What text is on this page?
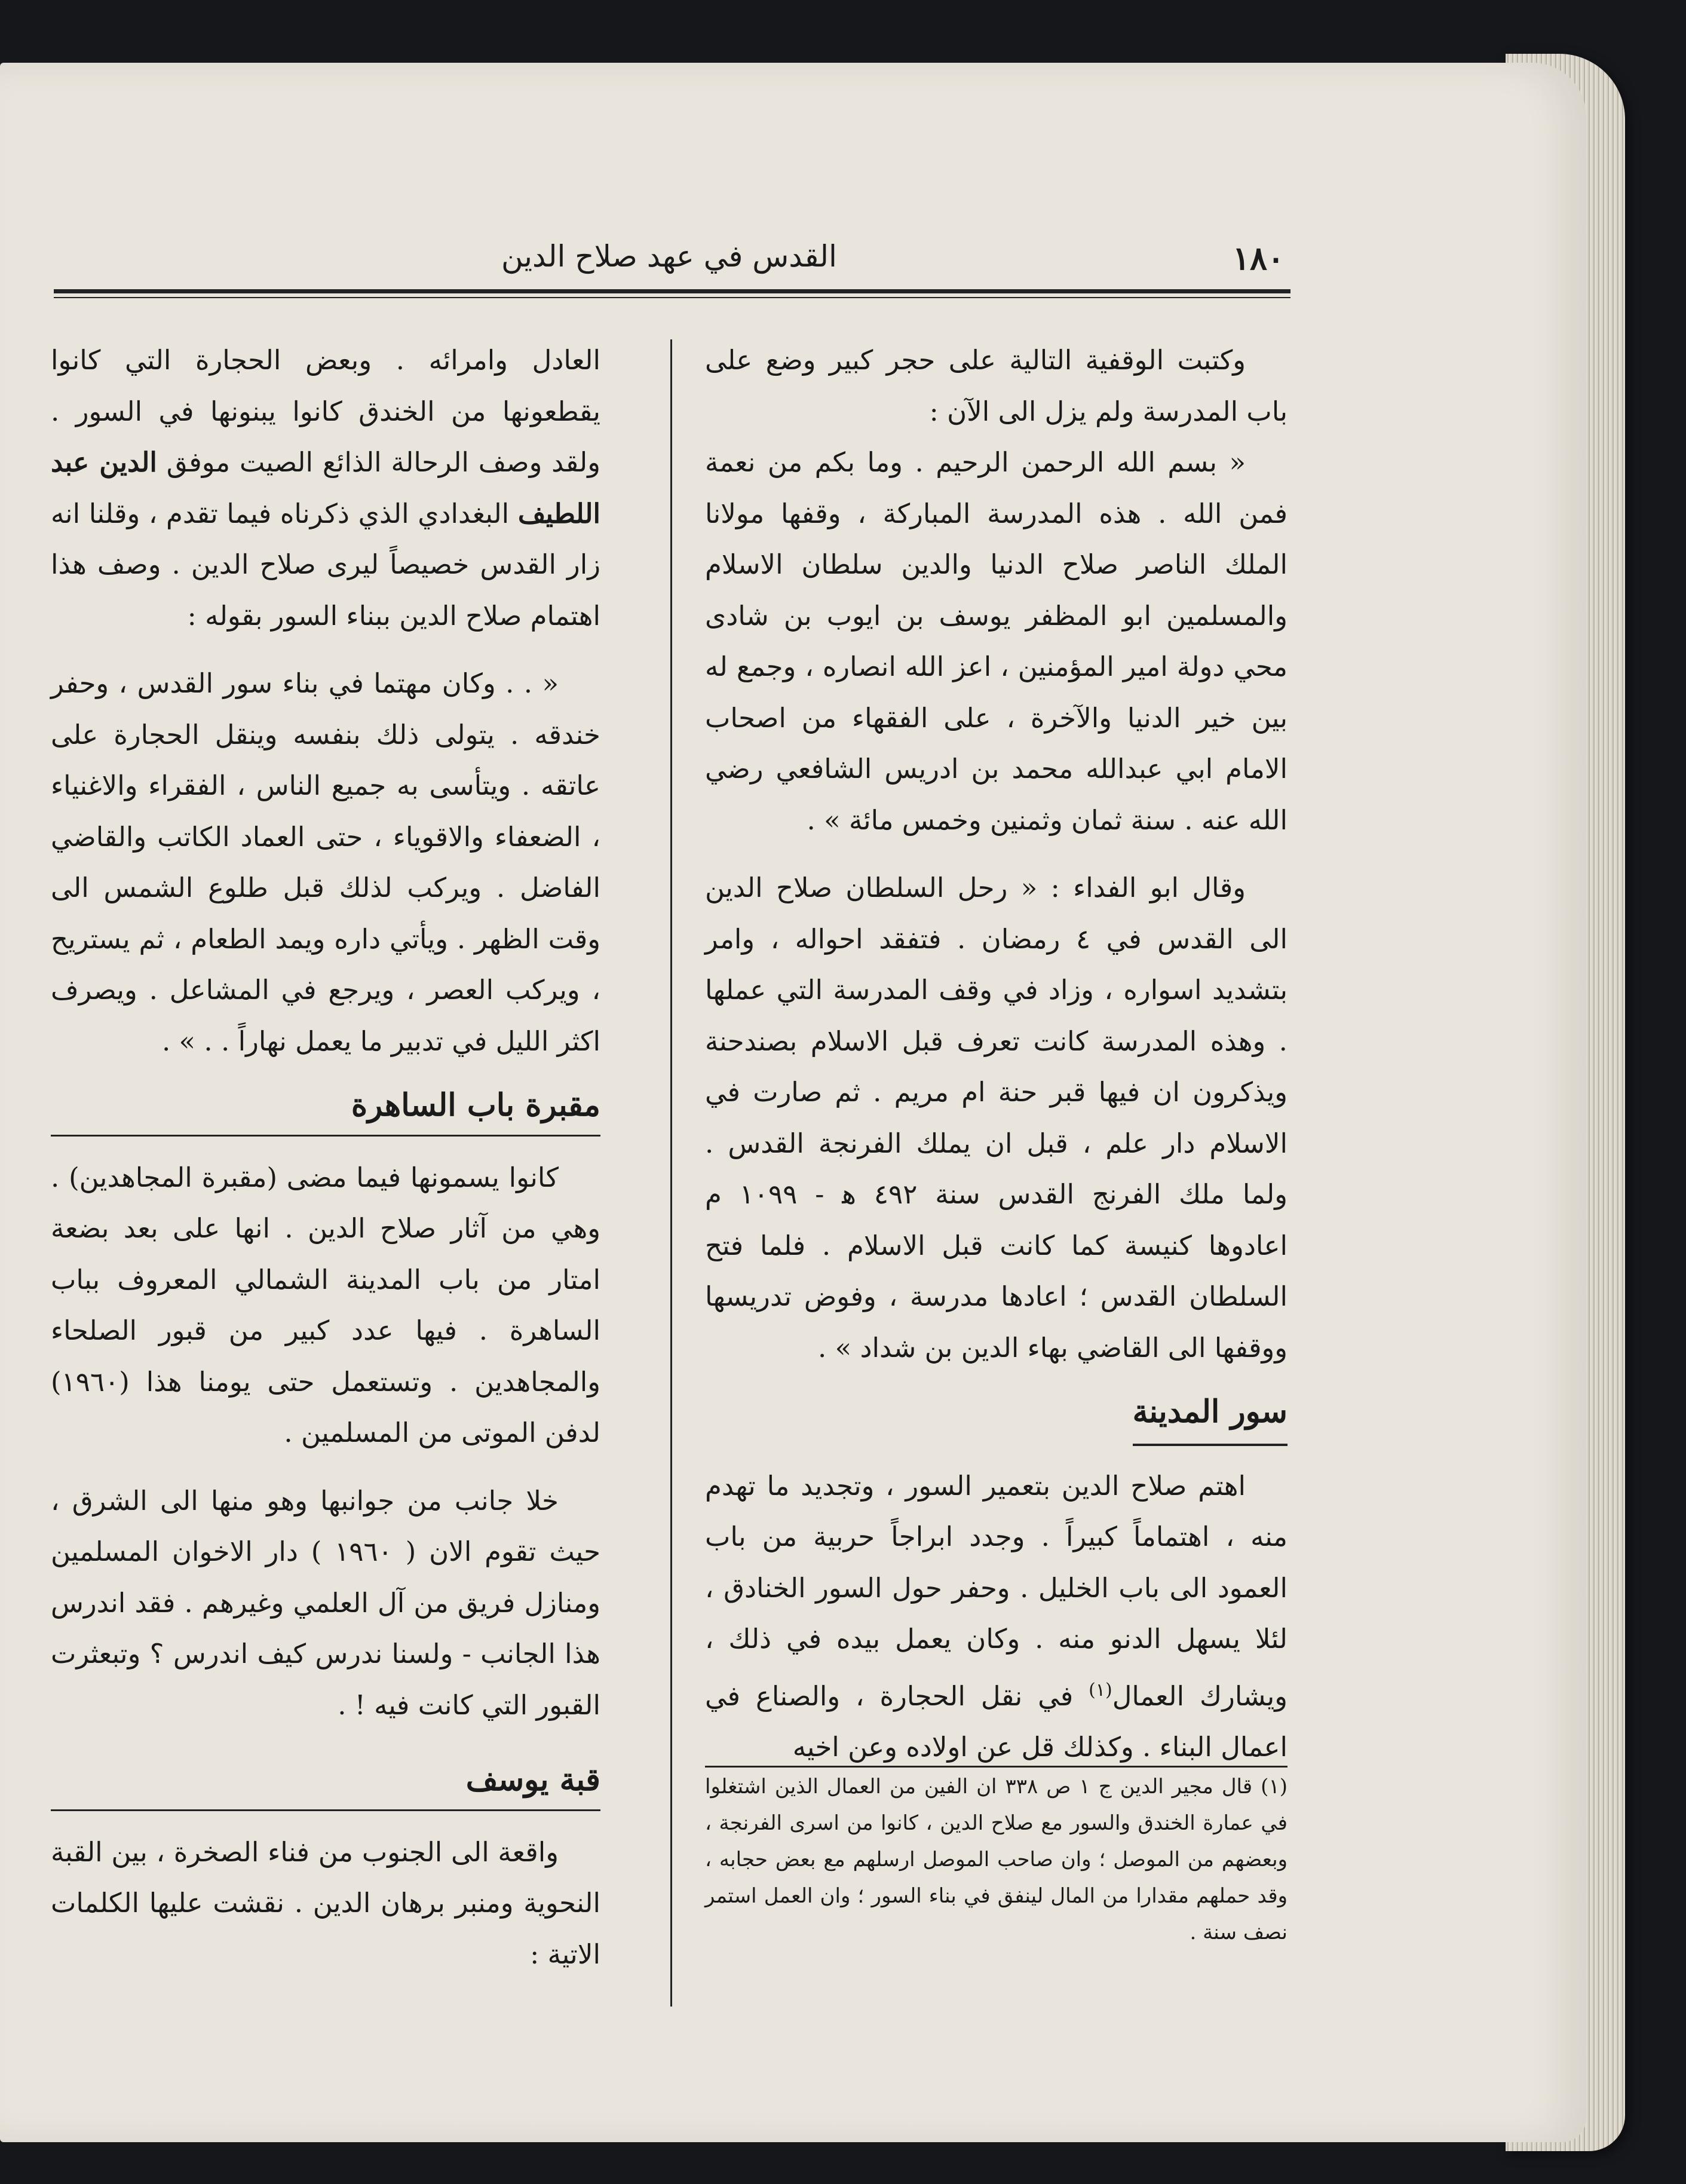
١٨٠
القدس في عهد صلاح الدين

وكتبت الوقفية التالية على حجر كبير وضع على باب المدرسة ولم يزل الى الآن :

« بسم الله الرحمن الرحيم . وما بكم من نعمة فمن الله . هذه المدرسة المباركة ، وقفها مولانا الملك الناصر صلاح الدنيا والدين سلطان الاسلام والمسلمين ابو المظفر يوسف بن ايوب بن شادى محي دولة امير المؤمنين ، اعز الله انصاره ، وجمع له بين خير الدنيا والآخرة ، على الفقهاء من اصحاب الامام ابي عبدالله محمد بن ادريس الشافعي رضي الله عنه . سنة ثمان وثمنين وخمس مائة » .

وقال ابو الفداء : « رحل السلطان صلاح الدين الى القدس في ٤ رمضان . فتفقد احواله ، وامر بتشديد اسواره ، وزاد في وقف المدرسة التي عملها . وهذه المدرسة كانت تعرف قبل الاسلام بصندحنة ويذكرون ان فيها قبر حنة ام مريم . ثم صارت في الاسلام دار علم ، قبل ان يملك الفرنجة القدس . ولما ملك الفرنج القدس سنة ٤٩٢ ﻫ - ١٠٩٩ م اعادوها كنيسة كما كانت قبل الاسلام . فلما فتح السلطان القدس ؛ اعادها مدرسة ، وفوض تدريسها ووقفها الى القاضي بهاء الدين بن شداد » .

سور المدينة

اهتم صلاح الدين بتعمير السور ، وتجديد ما تهدم منه ، اهتماماً كبيراً . وجدد ابراجاً حربية من باب العمود الى باب الخليل . وحفر حول السور الخنادق ، لئلا يسهل الدنو منه . وكان يعمل بيده في ذلك ، ويشارك العمال$^{(١)}$ في نقل الحجارة ، والصناع في اعمال البناء . وكذلك قل عن اولاده وعن اخيه

(١) قال مجير الدين ج ١ ص ٣٣٨ ان الفين من العمال الذين اشتغلوا في عمارة الخندق والسور مع صلاح الدين ، كانوا من اسرى الفرنجة ، وبعضهم من الموصل ؛ وان صاحب الموصل ارسلهم مع بعض حجابه ، وقد حملهم مقدارا من المال لينفق في بناء السور ؛ وان العمل استمر نصف سنة .

العادل وامرائه . وبعض الحجارة التي كانوا يقطعونها من الخندق كانوا يبنونها في السور . ولقد وصف الرحالة الذائع الصيت موفق الدين عبد اللطيف البغدادي الذي ذكرناه فيما تقدم ، وقلنا انه زار القدس خصيصاً ليرى صلاح الدين . وصف هذا اهتمام صلاح الدين ببناء السور بقوله :

« . . وكان مهتما في بناء سور القدس ، وحفر خندقه . يتولى ذلك بنفسه وينقل الحجارة على عاتقه . ويتأسى به جميع الناس ، الفقراء والاغنياء ، الضعفاء والاقوياء ، حتى العماد الكاتب والقاضي الفاضل . ويركب لذلك قبل طلوع الشمس الى وقت الظهر . ويأتي داره ويمد الطعام ، ثم يستريح ، ويركب العصر ، ويرجع في المشاعل . ويصرف اكثر الليل في تدبير ما يعمل نهاراً . . » .

مقبرة باب الساهرة

كانوا يسمونها فيما مضى (مقبرة المجاهدين) . وهي من آثار صلاح الدين . انها على بعد بضعة امتار من باب المدينة الشمالي المعروف بباب الساهرة . فيها عدد كبير من قبور الصلحاء والمجاهدين . وتستعمل حتى يومنا هذا (١٩٦٠) لدفن الموتى من المسلمين .

خلا جانب من جوانبها وهو منها الى الشرق ، حيث تقوم الان ( ١٩٦٠ ) دار الاخوان المسلمين ومنازل فريق من آل العلمي وغيرهم . فقد اندرس هذا الجانب - ولسنا ندرس كيف اندرس ؟ وتبعثرت القبور التي كانت فيه ! .

قبة يوسف

واقعة الى الجنوب من فناء الصخرة ، بين القبة النحوية ومنبر برهان الدين . نقشت عليها الكلمات الاتية :
